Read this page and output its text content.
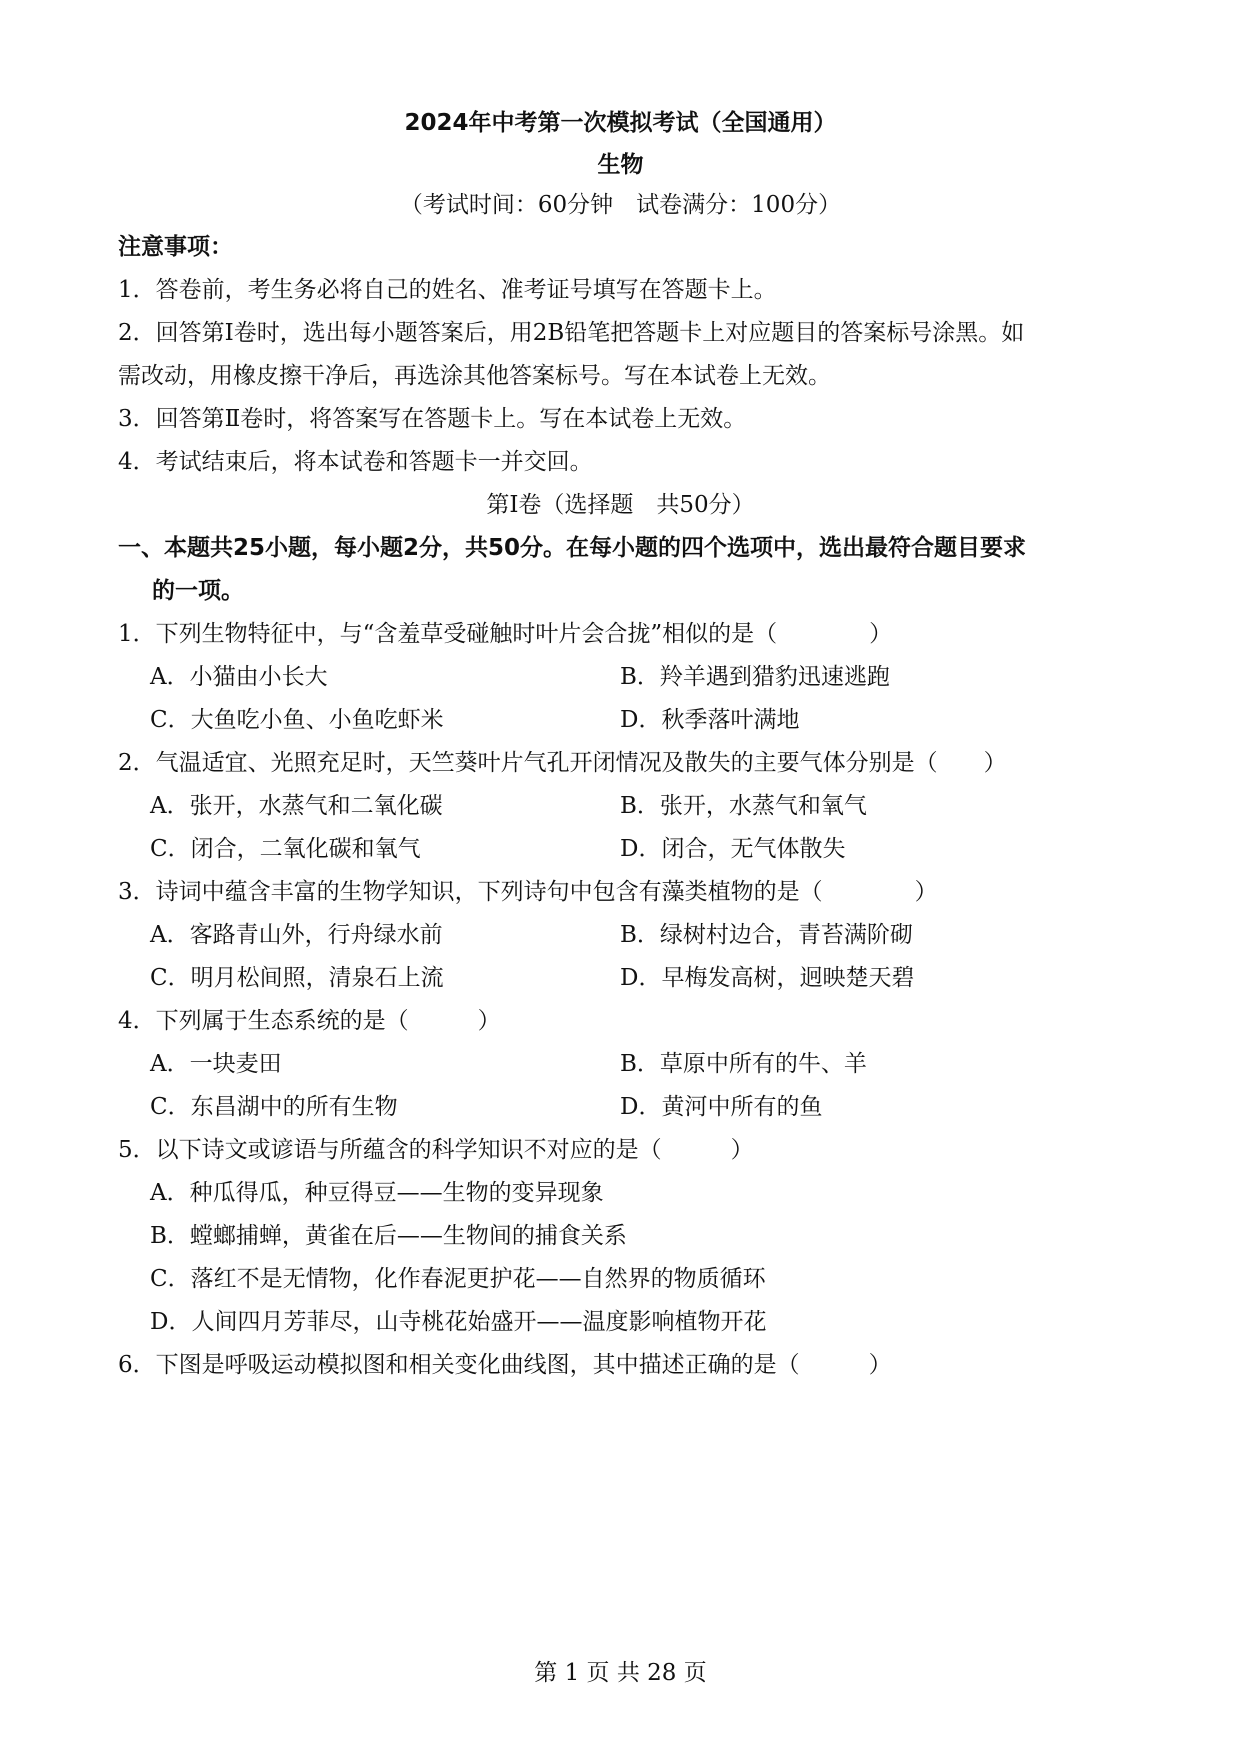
2024年中考第一次模拟考试（全国通用）
生物
（考试时间：60分钟　试卷满分：100分）
注意事项：
1．答卷前，考生务必将自己的姓名、准考证号填写在答题卡上。
2．回答第Ⅰ卷时，选出每小题答案后，用2B铅笔把答题卡上对应题目的答案标号涂黑。如
需改动，用橡皮擦干净后，再选涂其他答案标号。写在本试卷上无效。
3．回答第Ⅱ卷时，将答案写在答题卡上。写在本试卷上无效。
4．考试结束后，将本试卷和答题卡一并交回。
第Ⅰ卷（选择题　共50分）
一、本题共25小题，每小题2分，共50分。在每小题的四个选项中，选出最符合题目要求
的一项。
1．下列生物特征中，与“含羞草受碰触时叶片会合拢”相似的是（　　　　）
A．小猫由小长大	B．羚羊遇到猎豹迅速逃跑
C．大鱼吃小鱼、小鱼吃虾米	D．秋季落叶满地
2．气温适宜、光照充足时，天竺葵叶片气孔开闭情况及散失的主要气体分别是（　　）
A．张开，水蒸气和二氧化碳	B．张开，水蒸气和氧气
C．闭合，二氧化碳和氧气	D．闭合，无气体散失
3．诗词中蕴含丰富的生物学知识，下列诗句中包含有藻类植物的是（　　　　）
A．客路青山外，行舟绿水前	B．绿树村边合，青苔满阶砌
C．明月松间照，清泉石上流	D．早梅发高树，迥映楚天碧
4．下列属于生态系统的是（　　　）
A．一块麦田	B．草原中所有的牛、羊
C．东昌湖中的所有生物	D．黄河中所有的鱼
5．以下诗文或谚语与所蕴含的科学知识不对应的是（　　　）
A．种瓜得瓜，种豆得豆——生物的变异现象
B．螳螂捕蝉，黄雀在后——生物间的捕食关系
C．落红不是无情物，化作春泥更护花——自然界的物质循环
D．人间四月芳菲尽，山寺桃花始盛开——温度影响植物开花
6．下图是呼吸运动模拟图和相关变化曲线图，其中描述正确的是（　　　）
第 1 页 共 28 页
